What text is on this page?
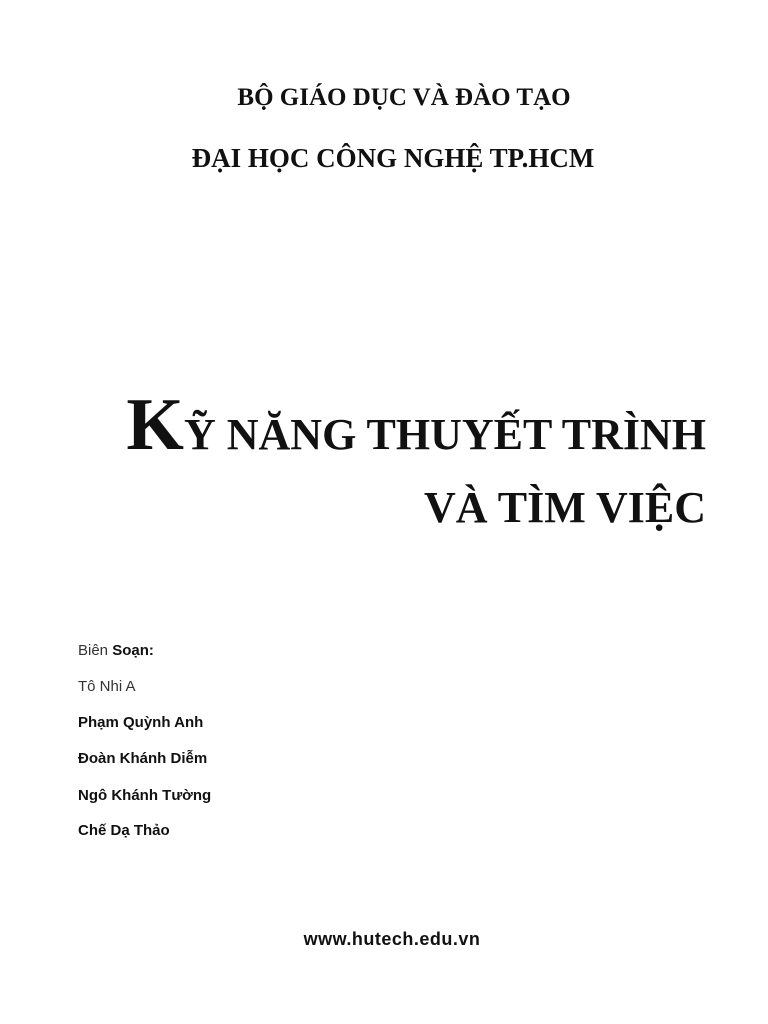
BỘ GIÁO DỤC VÀ ĐÀO TẠO
ĐẠI HỌC CÔNG NGHỆ TP.HCM
KỸ NĂNG THUYẾT TRÌNH
VÀ TÌM VIỆC
Biên Soạn:
Tô Nhi A
Phạm Quỳnh Anh
Đoàn Khánh Diễm
Ngô Khánh Tường
Chế Dạ Thảo
www.hutech.edu.vn
